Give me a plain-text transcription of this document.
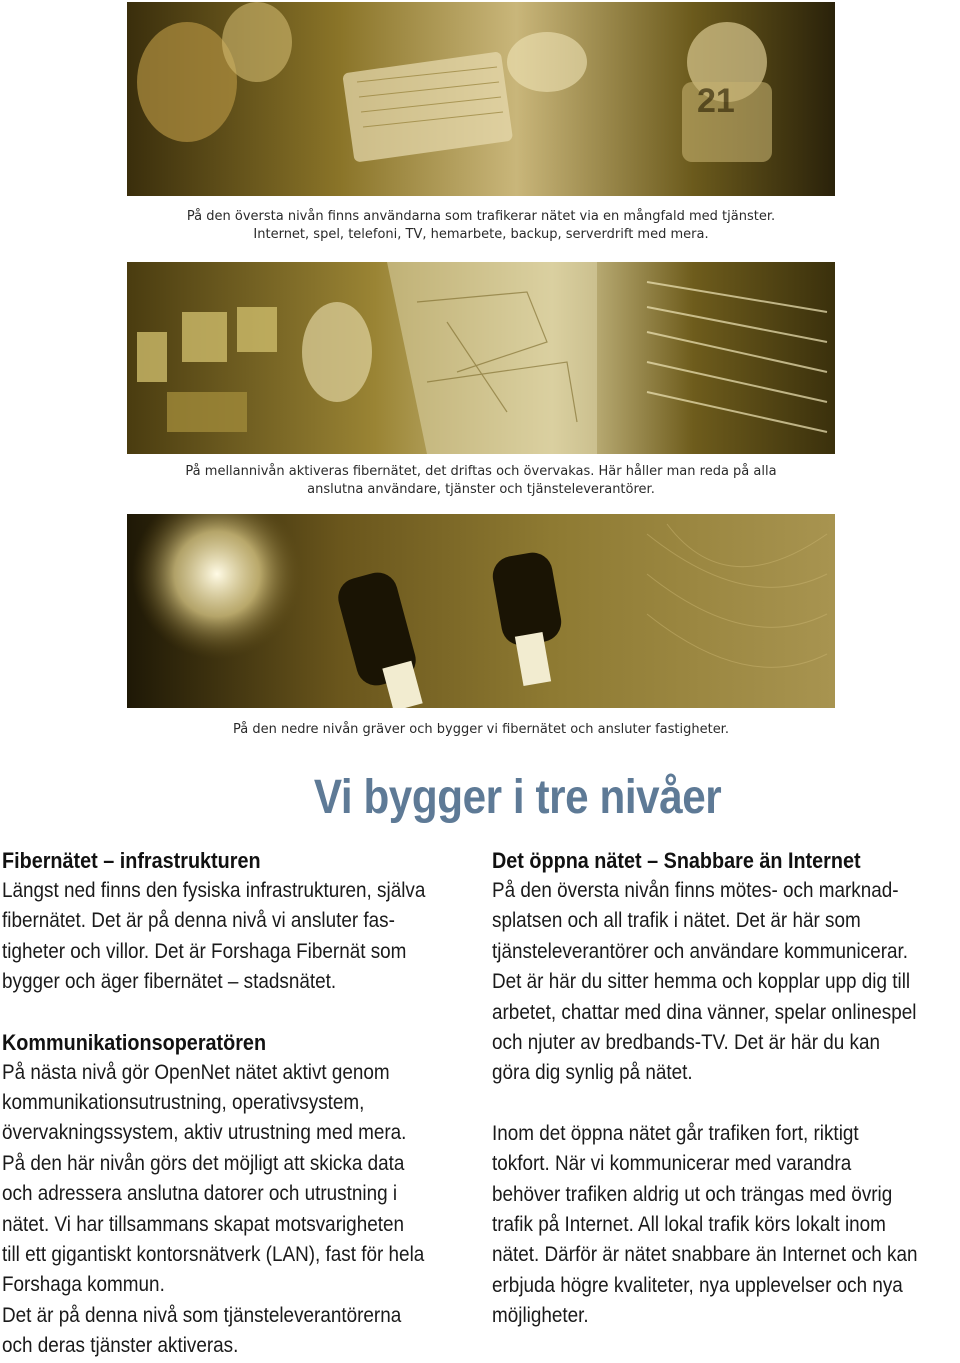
21
På den översta nivån finns användarna som trafikerar nätet via en mångfald med tjänster.
Internet, spel, telefoni, TV, hemarbete, backup, serverdrift med mera.
På mellannivån aktiveras fibernätet, det driftas och övervakas. Här håller man reda på alla
anslutna användare, tjänster och tjänsteleverantörer.
På den nedre nivån gräver och bygger vi fibernätet och ansluter fastigheter.
Vi bygger i tre nivåer
Fibernätet – infrastrukturen

Längst ned finns den fysiska infrastrukturen, själva
fibernätet. Det är på denna nivå vi ansluter fas-
tigheter och villor. Det är Forshaga Fibernät som
bygger och äger fibernätet – stadsnätet.

Kommunikationsoperatören

På nästa nivå gör OpenNet nätet aktivt genom
kommunikationsutrustning, operativsystem,
övervakningssystem, aktiv utrustning med mera.
På den här nivån görs det möjligt att skicka data
och adressera anslutna datorer och utrustning i
nätet. Vi har tillsammans skapat motsvarigheten
till ett gigantiskt kontorsnätverk (LAN), fast för hela
Forshaga kommun.
Det är på denna nivå som tjänsteleverantörerna
och deras tjänster aktiveras.

Det öppna nätet – Snabbare än Internet

På den översta nivån finns mötes- och marknad-
splatsen och all trafik i nätet. Det är här som
tjänsteleverantörer och användare kommunicerar.
Det är här du sitter hemma och kopplar upp dig till
arbetet, chattar med dina vänner, spelar onlinespel
och njuter av bredbands-TV. Det är här du kan
göra dig synlig på nätet.

Inom det öppna nätet går trafiken fort, riktigt
tokfort. När vi kommunicerar med varandra
behöver trafiken aldrig ut och trängas med övrig
trafik på Internet. All lokal trafik körs lokalt inom
nätet. Därför är nätet snabbare än Internet och kan
erbjuda högre kvaliteter, nya upplevelser och nya
möjligheter.
